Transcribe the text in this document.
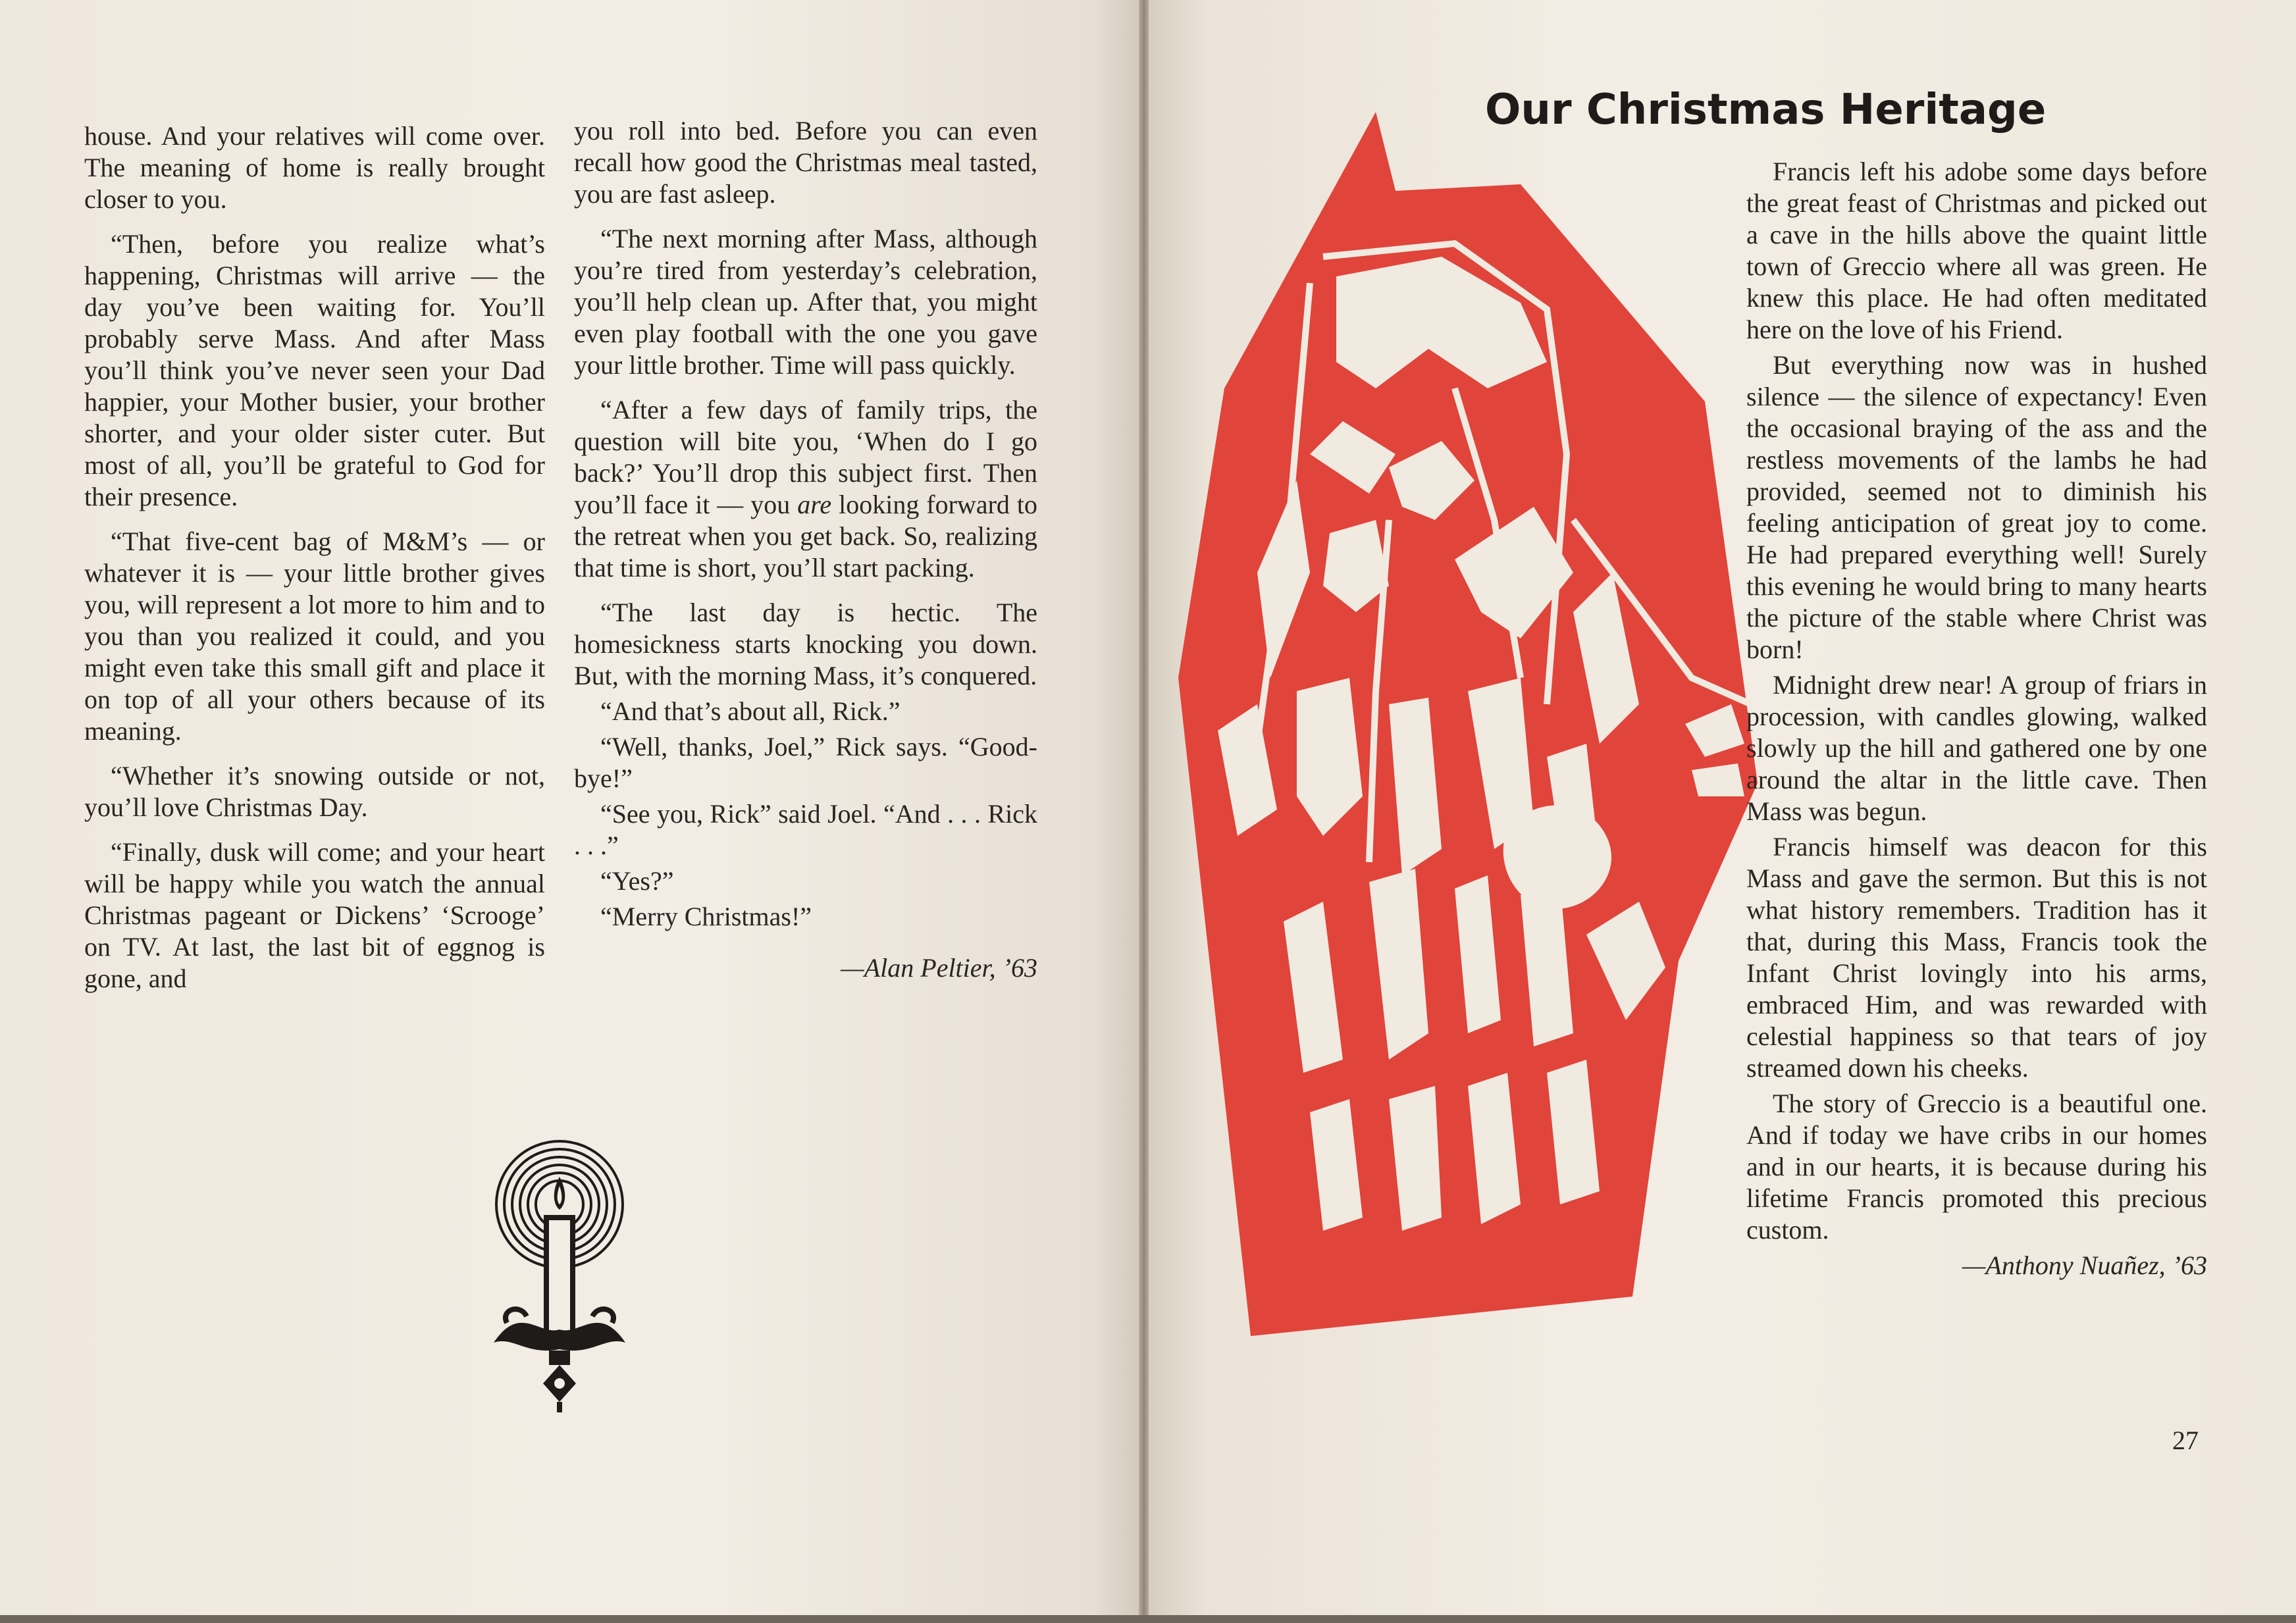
house. And your relatives will come over. The meaning of home is really brought closer to you.

“Then, before you realize what’s happening, Christmas will arrive — the day you’ve been waiting for. You’ll probably serve Mass. And after Mass you’ll think you’ve never seen your Dad happier, your Mother busier, your brother shorter, and your older sister cuter. But most of all, you’ll be grateful to God for their presence.

“That five-cent bag of M&M’s — or whatever it is — your little brother gives you, will represent a lot more to him and to you than you realized it could, and you might even take this small gift and place it on top of all your others because of its meaning.

“Whether it’s snowing outside or not, you’ll love Christmas Day.

“Finally, dusk will come; and your heart will be happy while you watch the annual Christmas pageant or Dickens’ ‘Scrooge’ on TV. At last, the last bit of eggnog is gone, and

you roll into bed. Before you can even recall how good the Christmas meal tasted, you are fast asleep.

“The next morning after Mass, although you’re tired from yesterday’s celebration, you’ll help clean up. After that, you might even play football with the one you gave your little brother. Time will pass quickly.

“After a few days of family trips, the question will bite you, ‘When do I go back?’ You’ll drop this subject first. Then you’ll face it — you are looking forward to the retreat when you get back. So, realizing that time is short, you’ll start packing.

“The last day is hectic. The homesickness starts knocking you down. But, with the morning Mass, it’s conquered.

“And that’s about all, Rick.”

“Well, thanks, Joel,” Rick says. “Good-bye!”

“See you, Rick” said Joel. “And . . . Rick . . .”

“Yes?”

“Merry Christmas!”

—Alan Peltier, ’63

Our Christmas Heritage

Francis left his adobe some days before the great feast of Christmas and picked out a cave in the hills above the quaint little town of Greccio where all was green. He knew this place. He had often meditated here on the love of his Friend.

But everything now was in hushed silence — the silence of expectancy! Even the occasional braying of the ass and the restless movements of the lambs he had provided, seemed not to diminish his feeling anticipation of great joy to come. He had prepared everything well! Surely this evening he would bring to many hearts the picture of the stable where Christ was born!

Midnight drew near! A group of friars in procession, with candles glowing, walked slowly up the hill and gathered one by one around the altar in the little cave. Then Mass was begun.

Francis himself was deacon for this Mass and gave the sermon. But this is not what history remembers. Tradition has it that, during this Mass, Francis took the Infant Christ lovingly into his arms, embraced Him, and was rewarded with celestial happiness so that tears of joy streamed down his cheeks.

The story of Greccio is a beautiful one. And if today we have cribs in our homes and in our hearts, it is because during his lifetime Francis promoted this precious custom.

—Anthony Nuañez, ’63

27
